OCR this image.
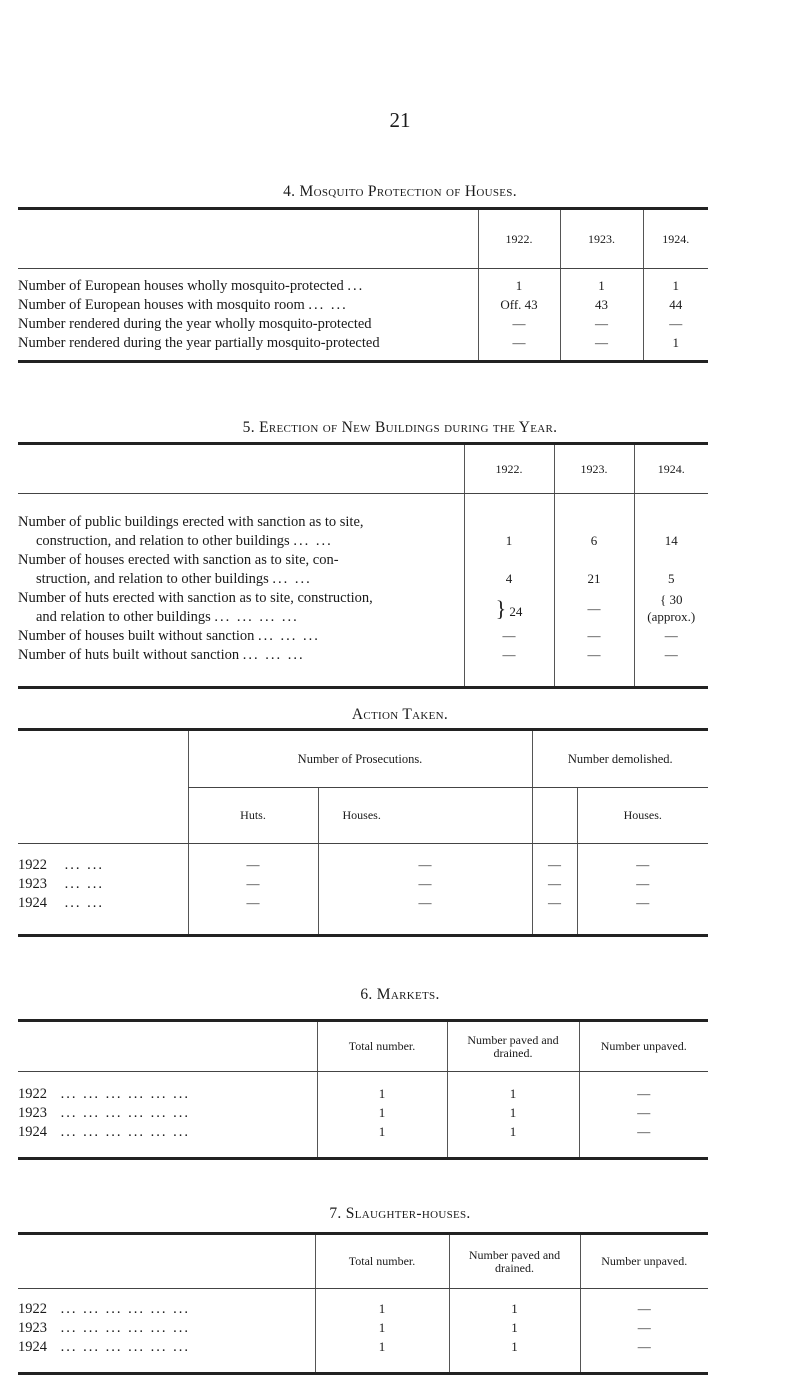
21
4. Mosquito Protection of Houses.
	1922.	1923.	1924.

Number of European houses wholly mosquito-protected ...	1	1	1
Number of European houses with mosquito room ... ...	Off. 43	43	44
Number rendered during the year wholly mosquito-protected	—	—	—
Number rendered during the year partially mosquito-protected	—	—	1

5. Erection of New Buildings during the Year.
	1922.	1923.	1924.

Number of public buildings erected with sanction as to site,			
construction, and relation to other buildings ... ...	1	6	14
Number of houses erected with sanction as to site, con-			
struction, and relation to other buildings ... ...	4	21	5
Number of huts erected with sanction as to site, construction,	} 24	—	{ 30
and relation to other buildings ... ... ... ...			(approx.)
Number of houses built without sanction ... ... ...	—	—	—
Number of huts built without sanction ... ... ...	—	—	—

Action Taken.
	Number of Prosecutions.		Number demolished.	
	Huts.	Houses.		Houses.

1922 ... ...	—	—	—	—
1923 ... ...	—	—	—	—
1924 ... ...	—	—	—	—

6. Markets.
	Total number.	Number paved and drained.	Number unpaved.

1922 ... ... ... ... ... ...	1	1	—
1923 ... ... ... ... ... ...	1	1	—
1924 ... ... ... ... ... ...	1	1	—

7. Slaughter-houses.
	Total number.	Number paved and drained.	Number unpaved.

1922 ... ... ... ... ... ...	1	1	—
1923 ... ... ... ... ... ...	1	1	—
1924 ... ... ... ... ... ...	1	1	—
